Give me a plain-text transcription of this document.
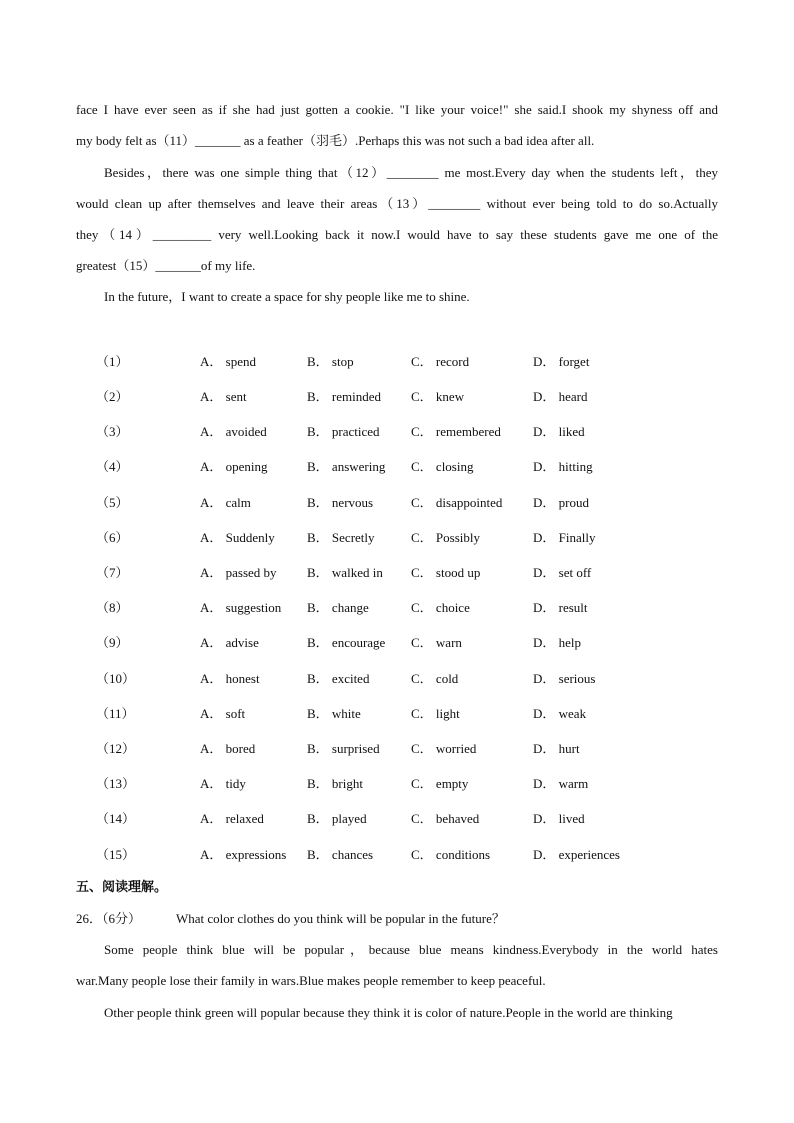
face I have ever seen as if she had just gotten a cookie. "I like your voice!" she said.I shook my shyness off and
my body felt as（11）_______ as a feather（羽毛）.Perhaps this was not such a bad idea after all.
Besides，there was one simple thing that（12）________ me most.Every day when the students left，they
would clean up after themselves and leave their areas（13）________ without ever being told to do so.Actually
they（14）_________ very well.Looking back it now.I would have to say these students gave me one of the
greatest（15）_______of my life.
In the future，I want to create a space for shy people like me to shine.
（1）	A． spend	B． stop	C． record	D． forget
（2）	A． sent	B． reminded C． knew	D． heard
（3）	A． avoided	B． practiced C． remembered D． liked
（4）	A． opening	B． answering C． closing	D． hitting
（5）	A． calm	B． nervous	C． disappointed D． proud
（6）	A． Suddenly B． Secretly	C． Possibly	D． Finally
（7）	A． passed by B． walked in C． stood up	D． set off
（8）	A． suggestion B． change	C． choice	D． result
（9）	A． advise	B． encourage C． warn	D． help
（10）	A． honest	B． excited	C． cold	D． serious
（11）	A． soft	B． white	C． light	D． weak
（12）	A． bored	B． surprised C． worried	D． hurt
（13）	A． tidy	B． bright	C． empty	D． warm
（14）	A． relaxed	B． played	C． behaved	D． lived
（15）	A． expressions B． chances	C． conditions	D． experiences
五、阅读理解。
26．（6分）	What color clothes do you think will be popular in the future？
Some people think blue will be popular，because blue means kindness.Everybody in the world hates
war.Many people lose their family in wars.Blue makes people remember to keep peaceful.
Other people think green will popular because they think it is color of nature.People in the world are thinking
